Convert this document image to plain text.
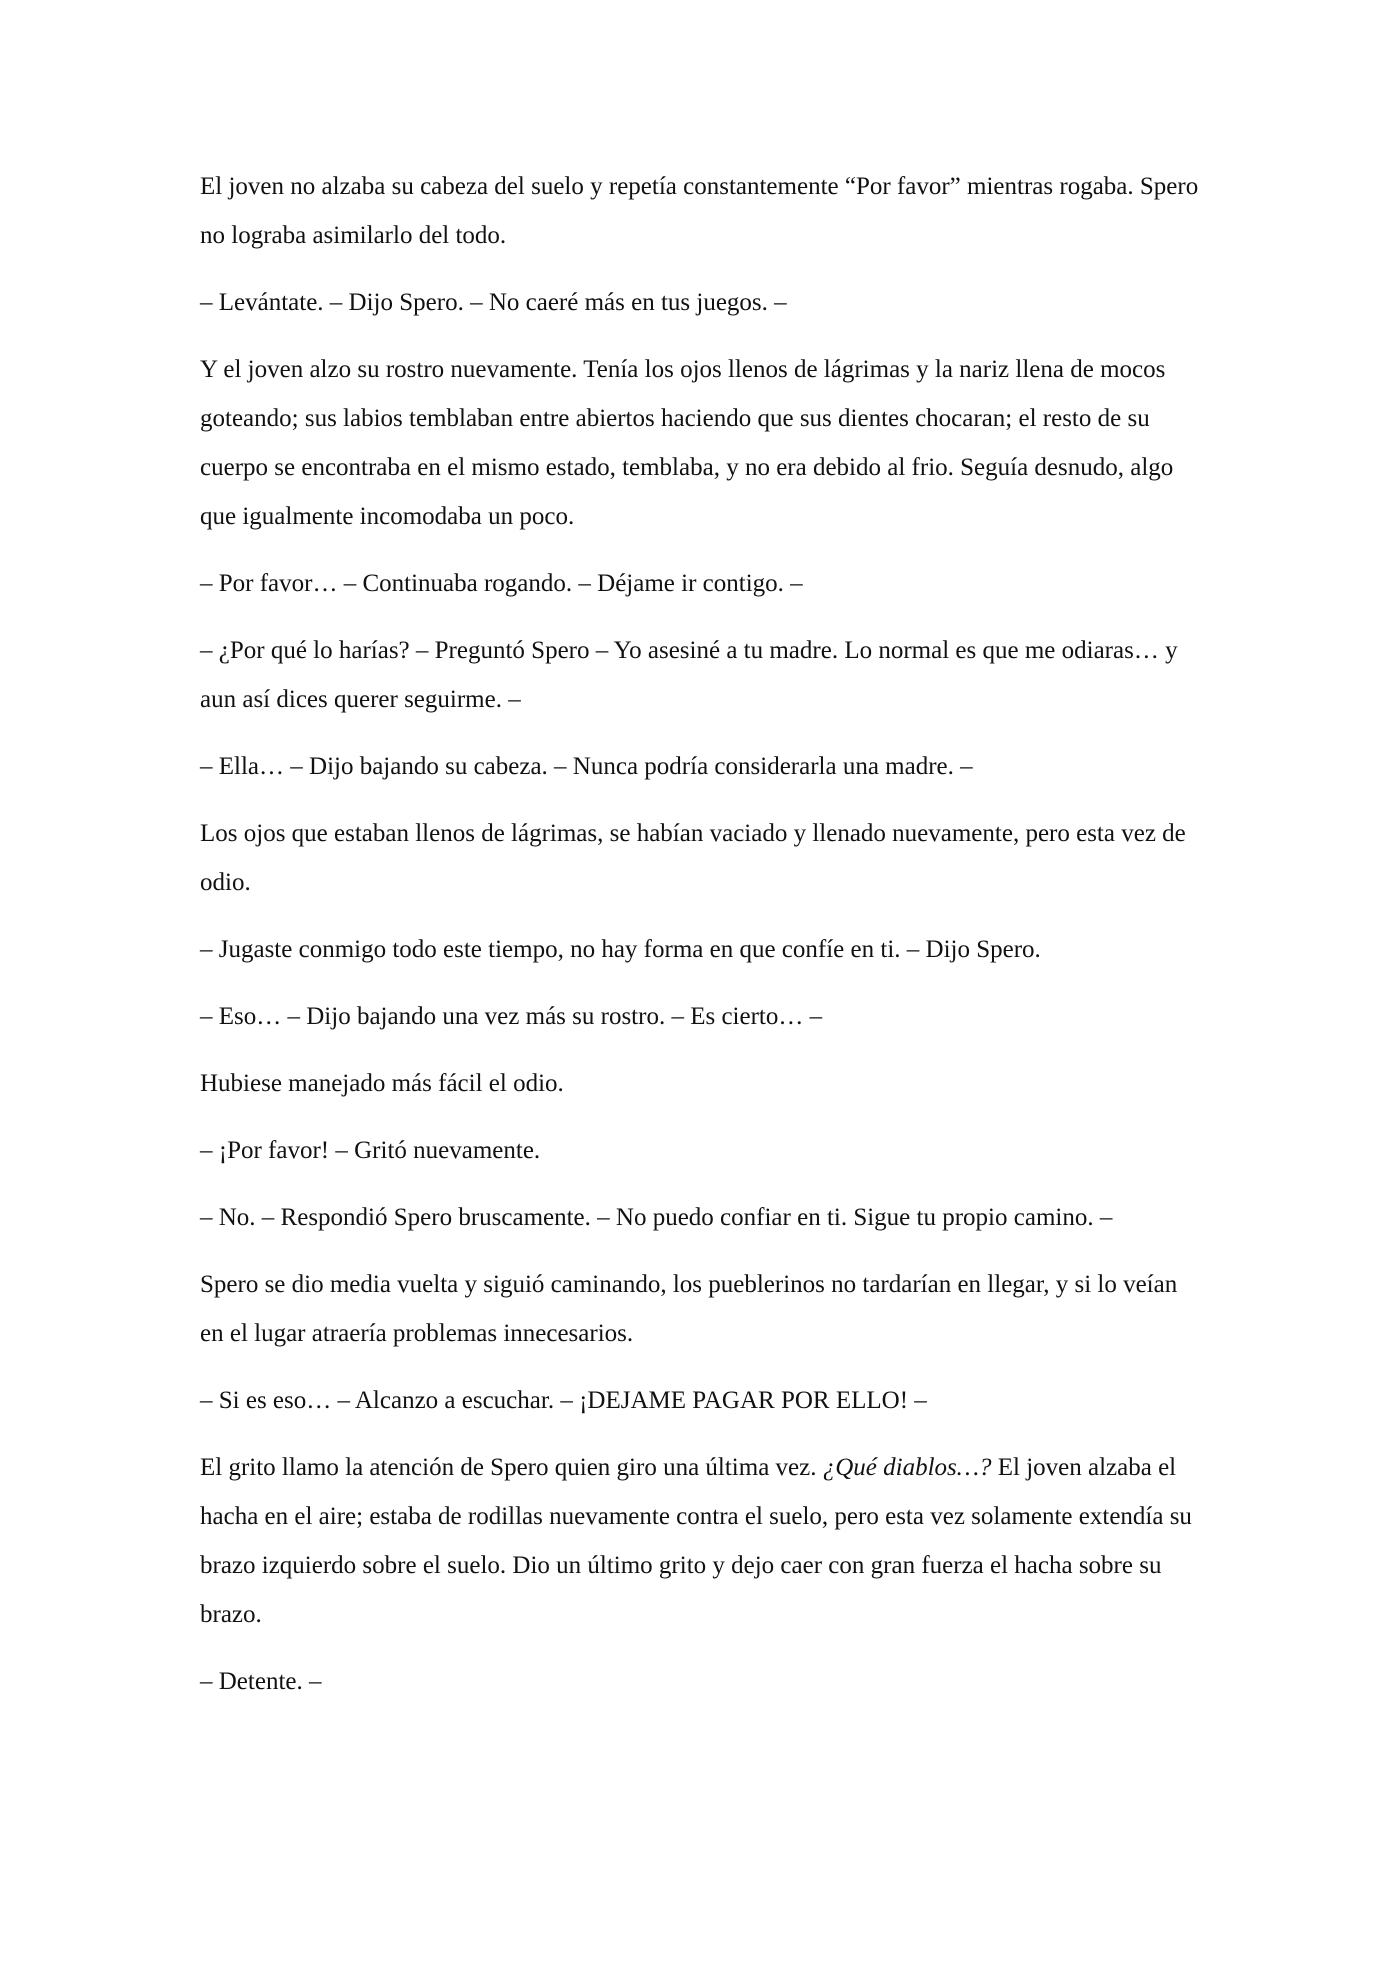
El joven no alzaba su cabeza del suelo y repetía constantemente “Por favor” mientras rogaba. Spero no lograba asimilarlo del todo.

– Levántate. – Dijo Spero. – No caeré más en tus juegos. –

Y el joven alzo su rostro nuevamente. Tenía los ojos llenos de lágrimas y la nariz llena de mocos goteando; sus labios temblaban entre abiertos haciendo que sus dientes chocaran; el resto de su cuerpo se encontraba en el mismo estado, temblaba, y no era debido al frio. Seguía desnudo, algo que igualmente incomodaba un poco.

– Por favor… – Continuaba rogando. – Déjame ir contigo. –

– ¿Por qué lo harías? – Preguntó Spero – Yo asesiné a tu madre. Lo normal es que me odiaras… y aun así dices querer seguirme. –

– Ella… – Dijo bajando su cabeza. – Nunca podría considerarla una madre. –

Los ojos que estaban llenos de lágrimas, se habían vaciado y llenado nuevamente, pero esta vez de odio.

– Jugaste conmigo todo este tiempo, no hay forma en que confíe en ti. – Dijo Spero.

– Eso… – Dijo bajando una vez más su rostro. – Es cierto… –

Hubiese manejado más fácil el odio.

– ¡Por favor! – Gritó nuevamente.

– No. – Respondió Spero bruscamente. – No puedo confiar en ti. Sigue tu propio camino. –

Spero se dio media vuelta y siguió caminando, los pueblerinos no tardarían en llegar, y si lo veían en el lugar atraería problemas innecesarios.

– Si es eso… – Alcanzo a escuchar. – ¡DEJAME PAGAR POR ELLO! –

El grito llamo la atención de Spero quien giro una última vez. ¿Qué diablos…? El joven alzaba el hacha en el aire; estaba de rodillas nuevamente contra el suelo, pero esta vez solamente extendía su brazo izquierdo sobre el suelo. Dio un último grito y dejo caer con gran fuerza el hacha sobre su brazo.

– Detente. –
